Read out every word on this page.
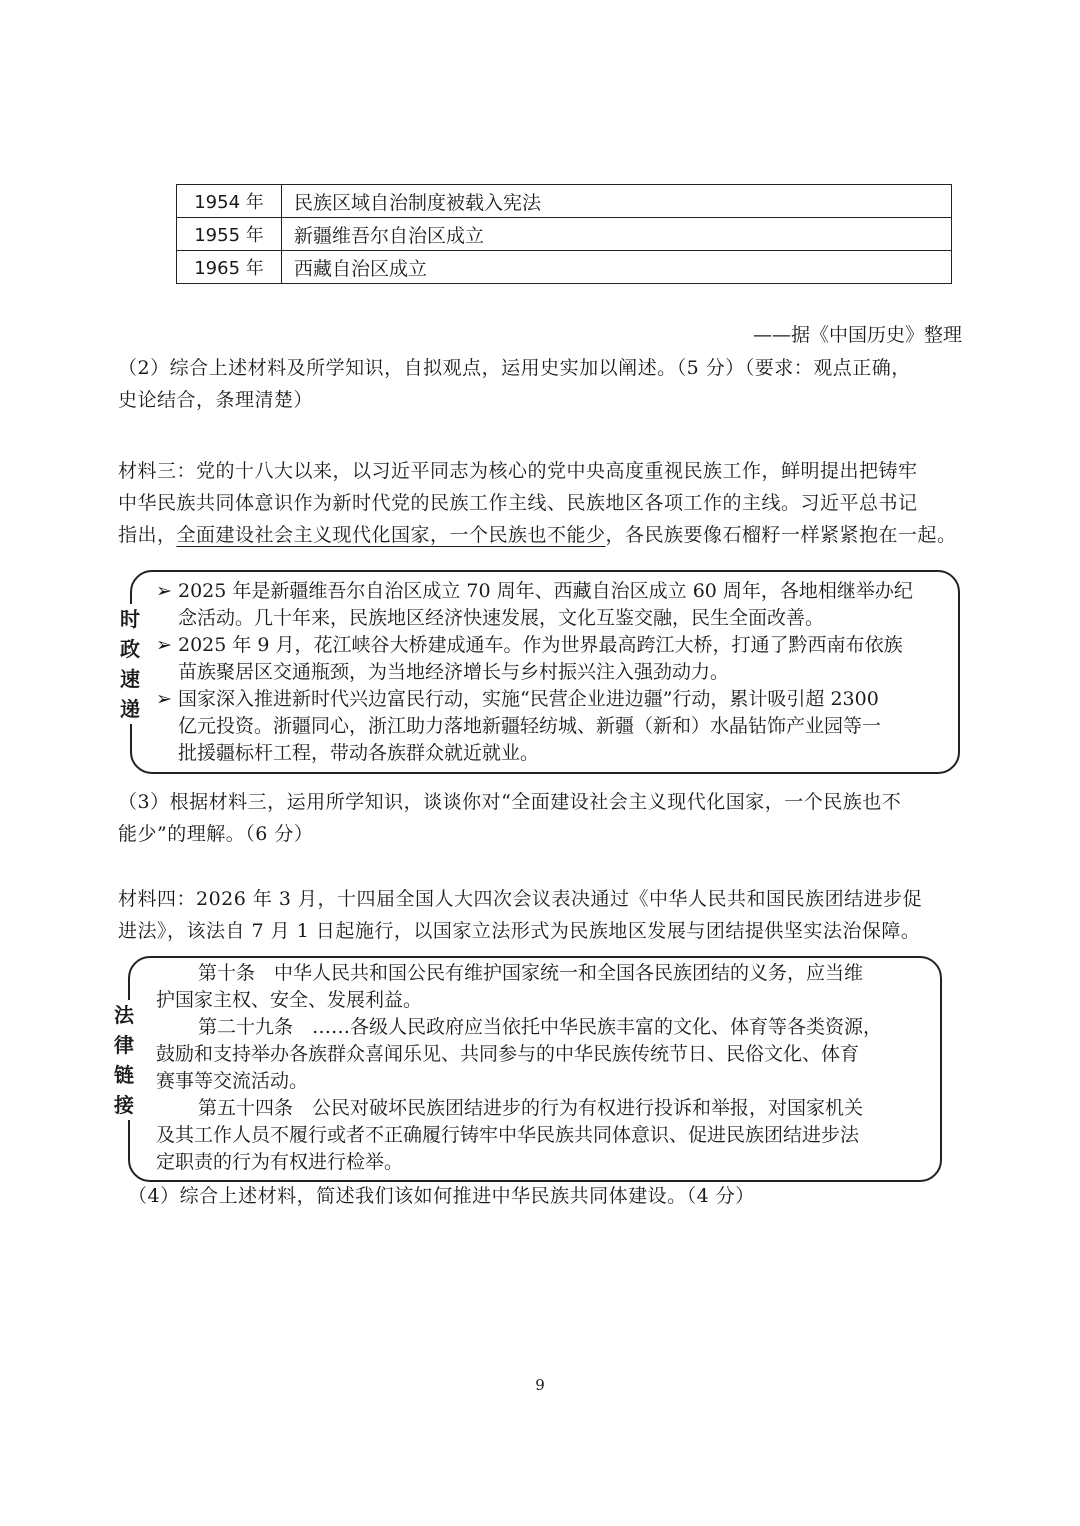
1954 年	民族区域自治制度被载入宪法
1955 年	新疆维吾尔自治区成立
1965 年	西藏自治区成立
——据《中国历史》整理
（2）综合上述材料及所学知识，自拟观点，运用史实加以阐述。（5 分）（要求：观点正确，
史论结合，条理清楚）
材料三：党的十八大以来，以习近平同志为核心的党中央高度重视民族工作，鲜明提出把铸牢
中华民族共同体意识作为新时代党的民族工作主线、民族地区各项工作的主线。习近平总书记
指出，全面建设社会主义现代化国家，一个民族也不能少，各民族要像石榴籽一样紧紧抱在一起。
时
政
速
递
➢ 2025 年是新疆维吾尔自治区成立 70 周年、西藏自治区成立 60 周年，各地相继举办纪
念活动。几十年来，民族地区经济快速发展，文化互鉴交融，民生全面改善。
➢ 2025 年 9 月，花江峡谷大桥建成通车。作为世界最高跨江大桥，打通了黔西南布依族
苗族聚居区交通瓶颈，为当地经济增长与乡村振兴注入强劲动力。
➢ 国家深入推进新时代兴边富民行动，实施“民营企业进边疆”行动，累计吸引超 2300
亿元投资。浙疆同心，浙江助力落地新疆轻纺城、新疆（新和）水晶钻饰产业园等一
批援疆标杆工程，带动各族群众就近就业。
（3）根据材料三，运用所学知识，谈谈你对“全面建设社会主义现代化国家，一个民族也不
能少”的理解。（6 分）
材料四：2026 年 3 月，十四届全国人大四次会议表决通过《中华人民共和国民族团结进步促
进法》，该法自 7 月 1 日起施行，以国家立法形式为民族地区发展与团结提供坚实法治保障。
法
律
链
接

第十条　中华人民共和国公民有维护国家统一和全国各民族团结的义务，应当维

护国家主权、安全、发展利益。

第二十九条　……各级人民政府应当依托中华民族丰富的文化、体育等各类资源，

鼓励和支持举办各族群众喜闻乐见、共同参与的中华民族传统节日、民俗文化、体育

赛事等交流活动。

第五十四条　公民对破坏民族团结进步的行为有权进行投诉和举报，对国家机关

及其工作人员不履行或者不正确履行铸牢中华民族共同体意识、促进民族团结进步法

定职责的行为有权进行检举。

（4）综合上述材料，简述我们该如何推进中华民族共同体建设。（4 分）
9
